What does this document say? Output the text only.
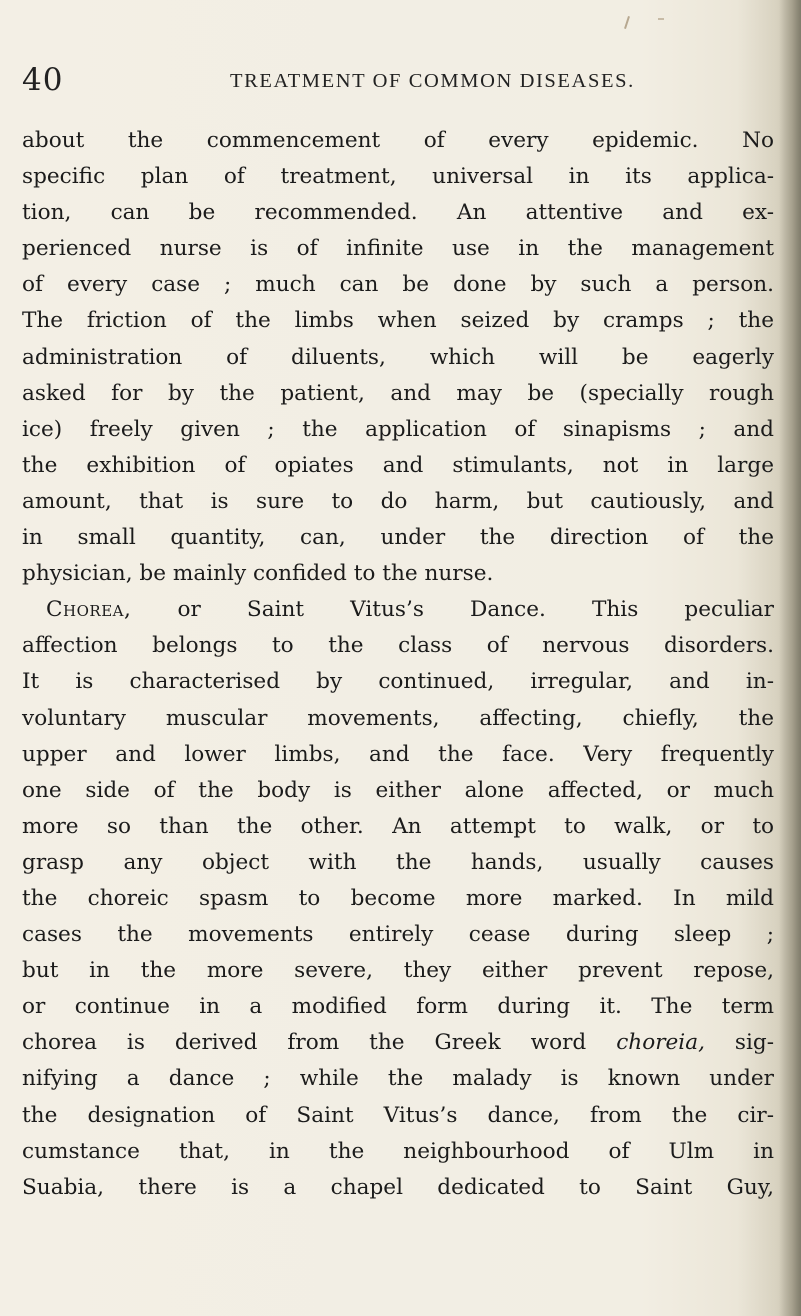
40	TREATMENT OF COMMON DISEASES.
about the commencement of every epidemic. No
specific plan of treatment, universal in its applica-
tion, can be recommended. An attentive and ex-
perienced nurse is of infinite use in the management
of every case ; much can be done by such a person.
The friction of the limbs when seized by cramps ; the
administration of diluents, which will be eagerly
asked for by the patient, and may be (specially rough
ice) freely given ; the application of sinapisms ; and
the exhibition of opiates and stimulants, not in large
amount, that is sure to do harm, but cautiously, and
in small quantity, can, under the direction of the
physician, be mainly confided to the nurse.
Chorea, or Saint Vitus’s Dance. This peculiar
affection belongs to the class of nervous disorders.
It is characterised by continued, irregular, and in-
voluntary muscular movements, affecting, chiefly, the
upper and lower limbs, and the face. Very frequently
one side of the body is either alone affected, or much
more so than the other. An attempt to walk, or to
grasp any object with the hands, usually causes
the choreic spasm to become more marked. In mild
cases the movements entirely cease during sleep ;
but in the more severe, they either prevent repose,
or continue in a modified form during it. The term
chorea is derived from the Greek word choreia, sig-
nifying a dance ; while the malady is known under
the designation of Saint Vitus’s dance, from the cir-
cumstance that, in the neighbourhood of Ulm in
Suabia, there is a chapel dedicated to Saint Guy,
